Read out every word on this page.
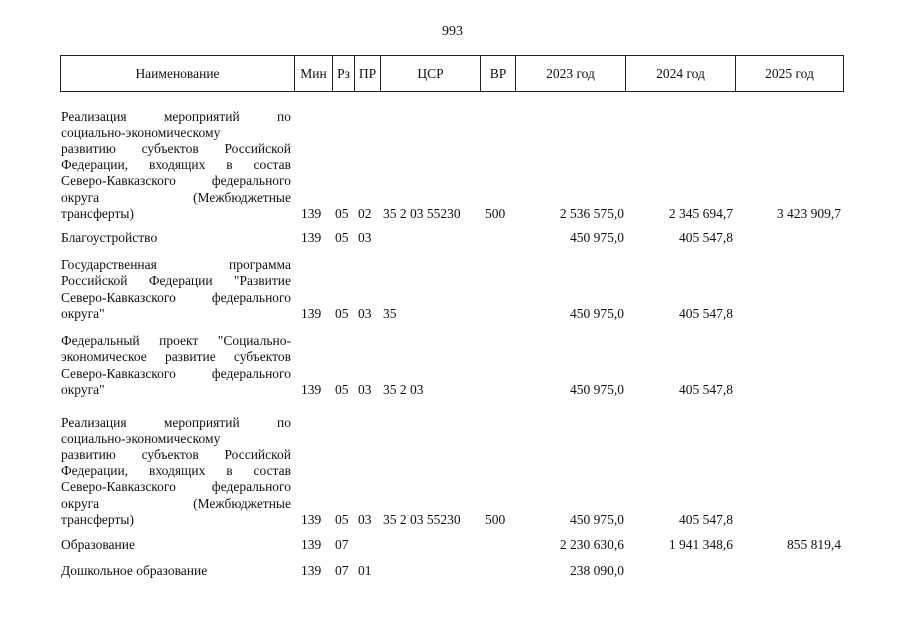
993
Наименование	Мин Рз ПР	ЦСР	ВР	2023 год	2024 год	2025 год
Реализация мероприятий по
социально-экономическому
развитию субъектов Российской
Федерации, входящих в состав
Северо-Кавказского федерального
округа (Межбюджетные
трансферты)	139 05 02 35 2 03 55230 500	2 536 575,0	2 345 694,7	3 423 909,7
Благоустройство	139 05 03	450 975,0	405 547,8
Государственная программа
Российской Федерации "Развитие
Северо-Кавказского федерального
округа"	139 05 03 35	450 975,0	405 547,8
Федеральный проект "Социально-
экономическое развитие субъектов
Северо-Кавказского федерального
округа"	139 05 03 35 2 03	450 975,0	405 547,8
Реализация мероприятий по
социально-экономическому
развитию субъектов Российской
Федерации, входящих в состав
Северо-Кавказского федерального
округа (Межбюджетные
трансферты)	139 05 03 35 2 03 55230 500	450 975,0	405 547,8
Образование	139 07	2 230 630,6	1 941 348,6	855 819,4
Дошкольное образование	139 07 01	238 090,0
